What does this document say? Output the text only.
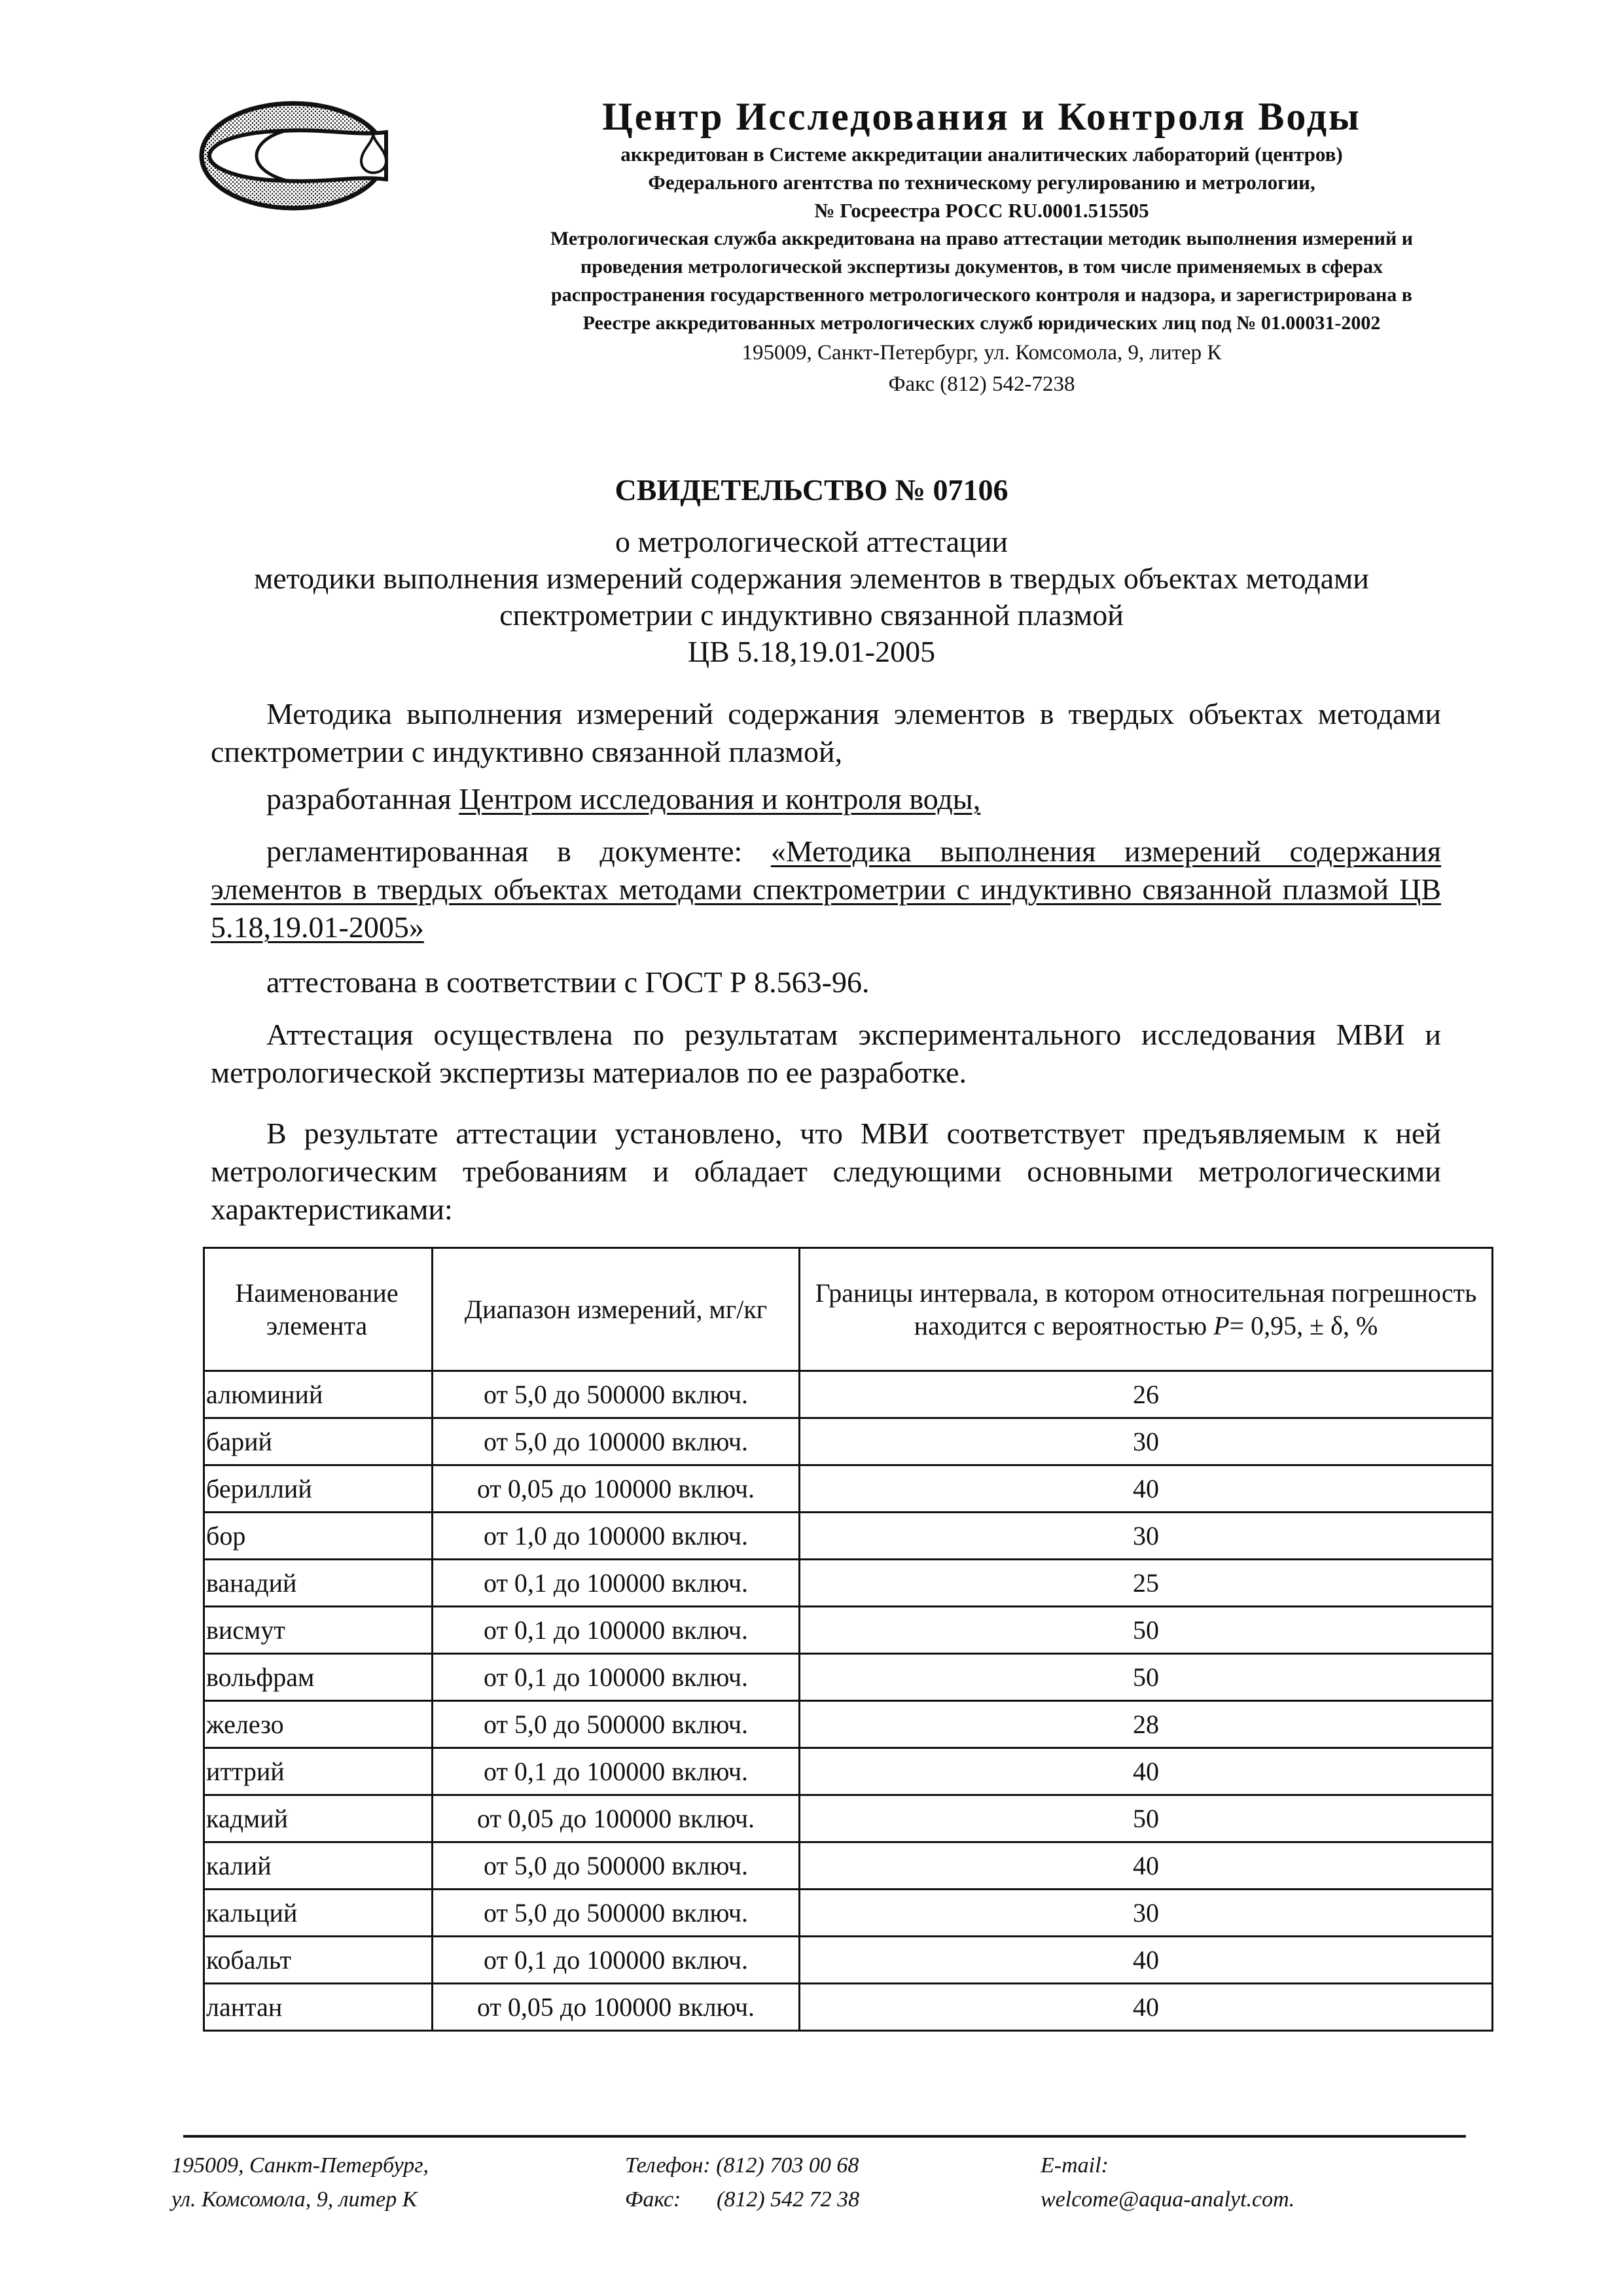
Центр Исследования и Контроля Воды
аккредитован в Системе аккредитации аналитических лабораторий (центров)
Федерального агентства по техническому регулированию и метрологии,
№ Госреестра РОСС RU.0001.515505
Метрологическая служба аккредитована на право аттестации методик выполнения измерений и
проведения метрологической экспертизы документов, в том числе применяемых в сферах
распространения государственного метрологического контроля и надзора, и зарегистрирована в
Реестре аккредитованных метрологических служб юридических лиц под № 01.00031-2002
195009, Санкт-Петербург, ул. Комсомола, 9, литер К
Факс (812) 542-7238
СВИДЕТЕЛЬСТВО № 07106
о метрологической аттестации
методики выполнения измерений содержания элементов в твердых объектах методами
спектрометрии с индуктивно связанной плазмой
ЦВ 5.18,19.01-2005
Методика выполнения измерений содержания элементов в твердых объектах методами спектрометрии с индуктивно связанной плазмой,
разработанная Центром исследования и контроля воды,
регламентированная в документе: «Методика выполнения измерений содержания элементов в твердых объектах методами спектрометрии с индуктивно связанной плазмой ЦВ 5.18,19.01-2005»
аттестована в соответствии с ГОСТ Р 8.563-96.
Аттестация осуществлена по результатам экспериментального исследования МВИ и метрологической экспертизы материалов по ее разработке.
В результате аттестации установлено, что МВИ соответствует предъявляемым к ней метрологическим требованиям и обладает следующими основными метрологическими характеристиками:
Наименование элемента	Диапазон измерений, мг/кг	Границы интервала, в котором относительная погрешность находится с вероятностью P= 0,95, ± δ, %
алюминий	от 5,0 до 500000 включ.	26
барий	от 5,0 до 100000 включ.	30
бериллий	от 0,05 до 100000 включ.	40
бор	от 1,0 до 100000 включ.	30
ванадий	от 0,1 до 100000 включ.	25
висмут	от 0,1 до 100000 включ.	50
вольфрам	от 0,1 до 100000 включ.	50
железо	от 5,0 до 500000 включ.	28
иттрий	от 0,1 до 100000 включ.	40
кадмий	от 0,05 до 100000 включ.	50
калий	от 5,0 до 500000 включ.	40
кальций	от 5,0 до 500000 включ.	30
кобальт	от 0,1 до 100000 включ.	40
лантан	от 0,05 до 100000 включ.	40
195009, Санкт-Петербург,
ул. Комсомола, 9, литер К
Телефон: (812) 703 00 68
Факс: (812) 542 72 38
E-mail:
welcome@aqua-analyt.com.
